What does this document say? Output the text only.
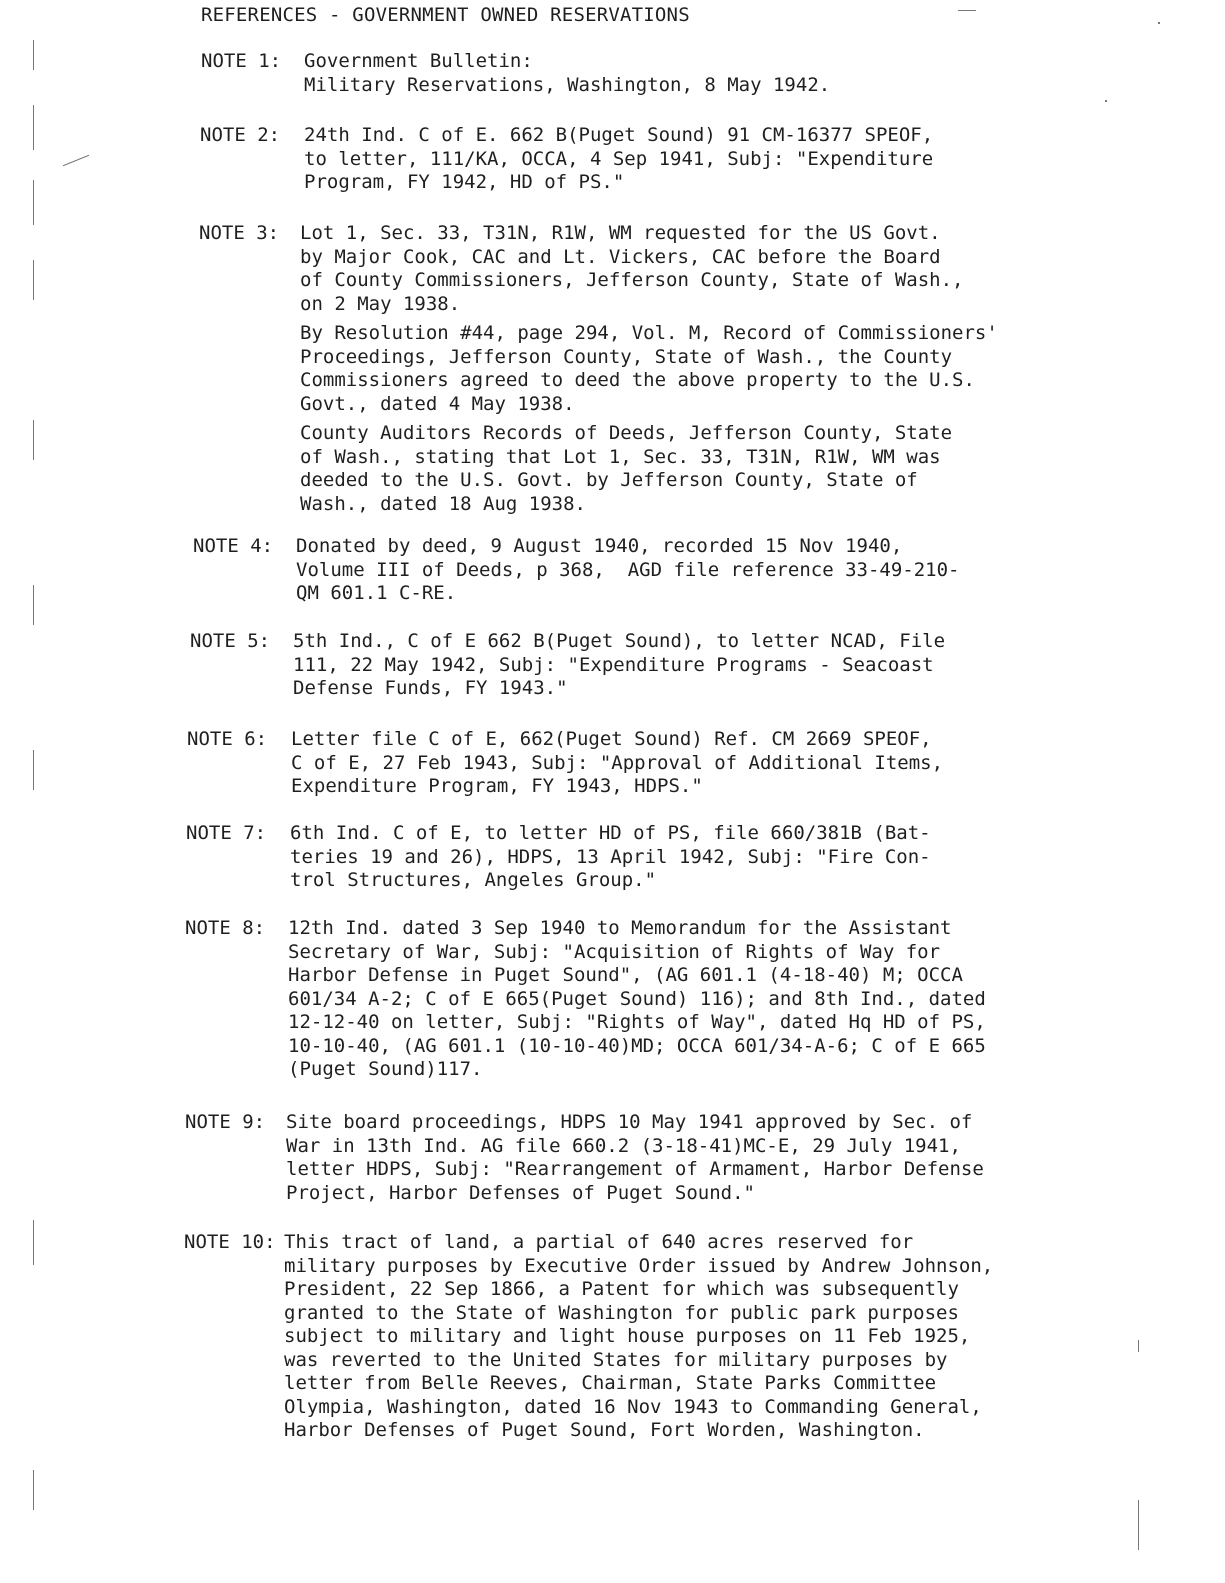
REFERENCES - GOVERNMENT OWNED RESERVATIONS
NOTE 1: Government Bulletin:
Military Reservations, Washington, 8 May 1942.
NOTE 2: 24th Ind. C of E. 662 B(Puget Sound) 91 CM-16377 SPEOF,
to letter, 111/KA, OCCA, 4 Sep 1941, Subj: "Expenditure
Program, FY 1942, HD of PS."
NOTE 3: Lot 1, Sec. 33, T31N, R1W, WM requested for the US Govt.
by Major Cook, CAC and Lt. Vickers, CAC before the Board
of County Commissioners, Jefferson County, State of Wash.,
on 2 May 1938.
By Resolution #44, page 294, Vol. M, Record of Commissioners'
Proceedings, Jefferson County, State of Wash., the County
Commissioners agreed to deed the above property to the U.S.
Govt., dated 4 May 1938.
County Auditors Records of Deeds, Jefferson County, State
of Wash., stating that Lot 1, Sec. 33, T31N, R1W, WM was
deeded to the U.S. Govt. by Jefferson County, State of
Wash., dated 18 Aug 1938.
NOTE 4: Donated by deed, 9 August 1940, recorded 15 Nov 1940,
Volume III of Deeds, p 368,  AGD file reference 33-49-210-
QM 601.1 C-RE.
NOTE 5: 5th Ind., C of E 662 B(Puget Sound), to letter NCAD, File
111, 22 May 1942, Subj: "Expenditure Programs - Seacoast
Defense Funds, FY 1943."
NOTE 6: Letter file C of E, 662(Puget Sound) Ref. CM 2669 SPEOF,
C of E, 27 Feb 1943, Subj: "Approval of Additional Items,
Expenditure Program, FY 1943, HDPS."
NOTE 7: 6th Ind. C of E, to letter HD of PS, file 660/381B (Bat-
teries 19 and 26), HDPS, 13 April 1942, Subj: "Fire Con-
trol Structures, Angeles Group."
NOTE 8: 12th Ind. dated 3 Sep 1940 to Memorandum for the Assistant
Secretary of War, Subj: "Acquisition of Rights of Way for
Harbor Defense in Puget Sound", (AG 601.1 (4-18-40) M; OCCA
601/34 A-2; C of E 665(Puget Sound) 116); and 8th Ind., dated
12-12-40 on letter, Subj: "Rights of Way", dated Hq HD of PS,
10-10-40, (AG 601.1 (10-10-40)MD; OCCA 601/34-A-6; C of E 665
(Puget Sound)117.
NOTE 9: Site board proceedings, HDPS 10 May 1941 approved by Sec. of
War in 13th Ind. AG file 660.2 (3-18-41)MC-E, 29 July 1941,
letter HDPS, Subj: "Rearrangement of Armament, Harbor Defense
Project, Harbor Defenses of Puget Sound."
NOTE 10: This tract of land, a partial of 640 acres reserved for
military purposes by Executive Order issued by Andrew Johnson,
President, 22 Sep 1866, a Patent for which was subsequently
granted to the State of Washington for public park purposes
subject to military and light house purposes on 11 Feb 1925,
was reverted to the United States for military purposes by
letter from Belle Reeves, Chairman, State Parks Committee
Olympia, Washington, dated 16 Nov 1943 to Commanding General,
Harbor Defenses of Puget Sound, Fort Worden, Washington.
